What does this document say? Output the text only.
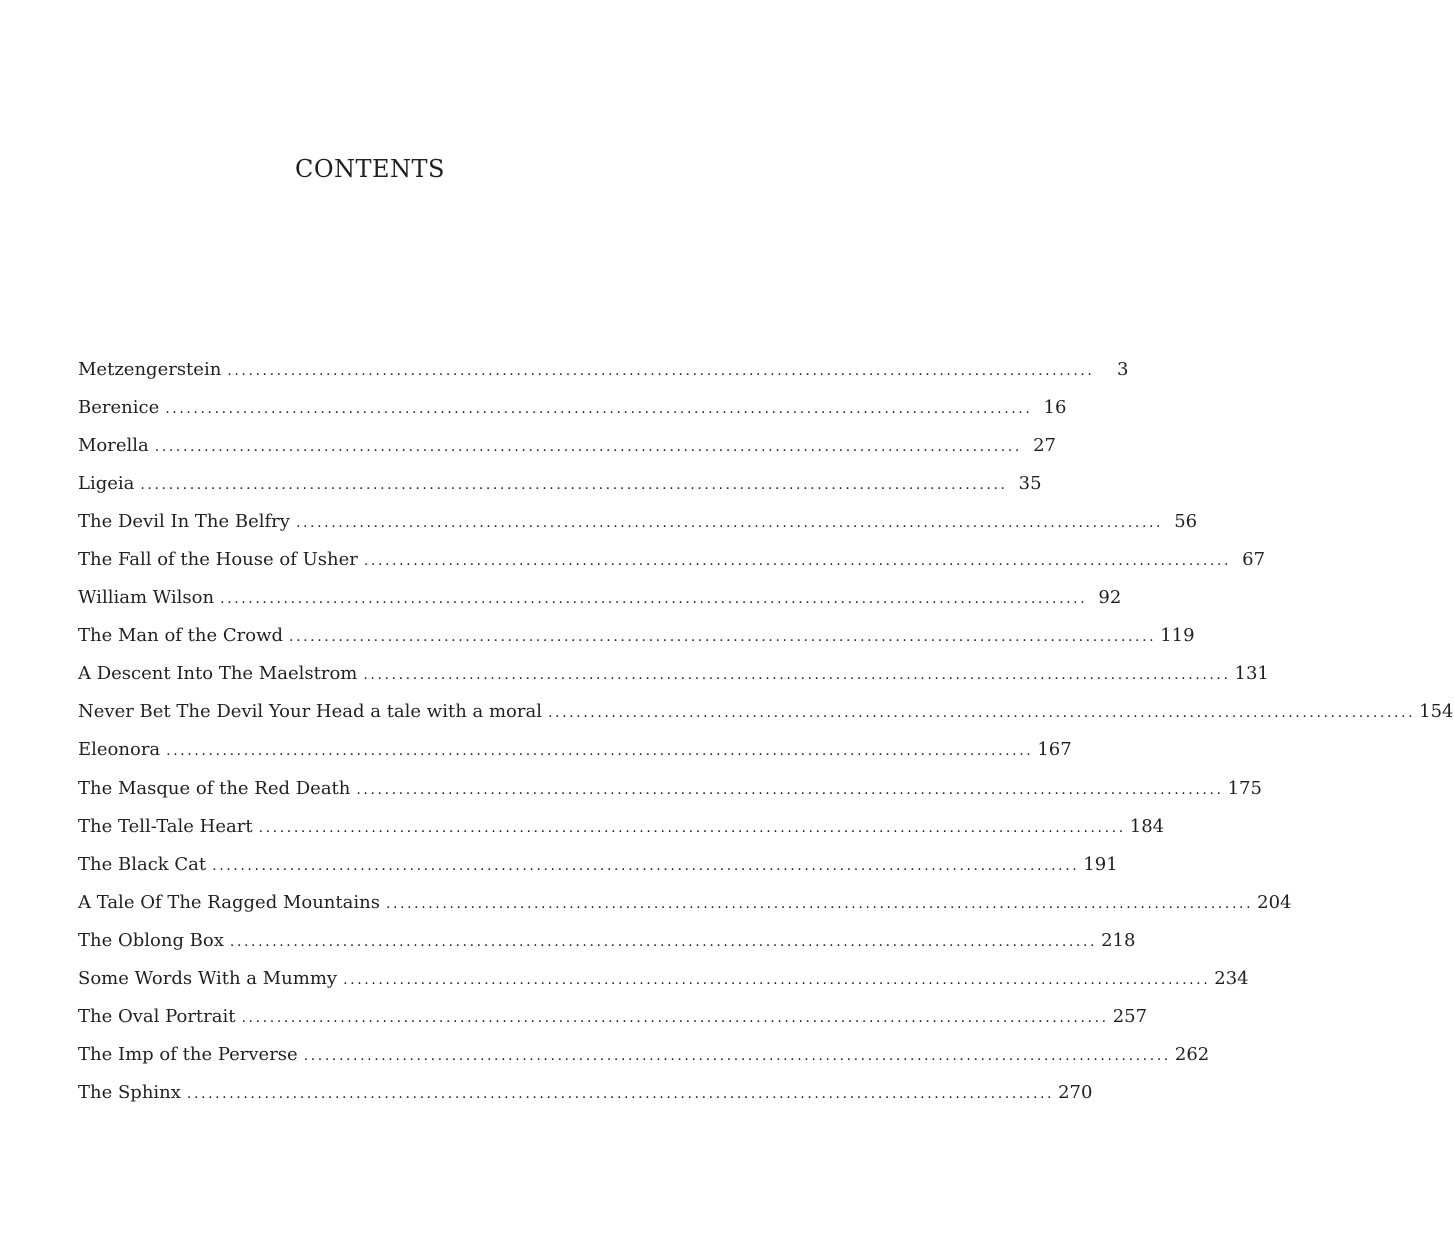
CONTENTS
Metzengerstein ...........................................................................................................................	3
Berenice ........................................................................................................................... 16
Morella ........................................................................................................................... 27
Ligeia ........................................................................................................................... 35
The Devil In The Belfry ........................................................................................................................... 56
The Fall of the House of Usher ........................................................................................................................... 67
William Wilson ........................................................................................................................... 92
The Man of the Crowd ........................................................................................................................... 119
A Descent Into The Maelstrom ........................................................................................................................... 131
Never Bet The Devil Your Head a tale with a moral ........................................................................................................................... 154
Eleonora ........................................................................................................................... 167
The Masque of the Red Death ........................................................................................................................... 175
The Tell-Tale Heart ........................................................................................................................... 184
The Black Cat ........................................................................................................................... 191
A Tale Of The Ragged Mountains ........................................................................................................................... 204
The Oblong Box ........................................................................................................................... 218
Some Words With a Mummy ........................................................................................................................... 234
The Oval Portrait ........................................................................................................................... 257
The Imp of the Perverse ........................................................................................................................... 262
The Sphinx ........................................................................................................................... 270
